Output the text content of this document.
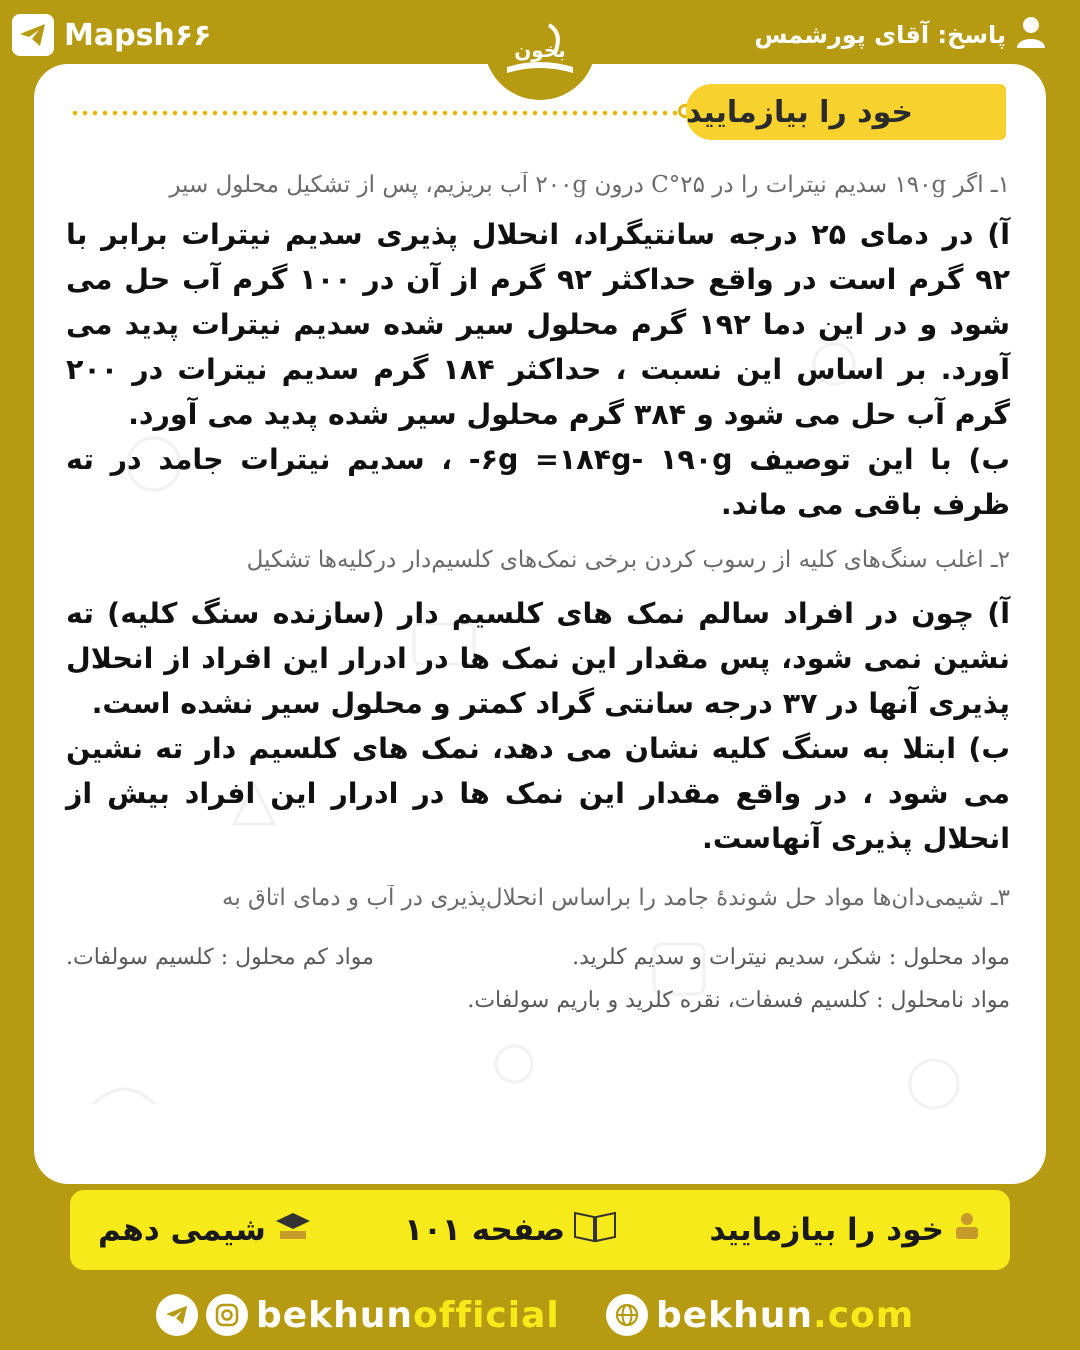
Mapsh۶۶	پاسخ: آقای پورشمس
بخون
خود را بیازمایید
۱ـ اگر ۱۹۰g سدیم نیترات را در ۲۵°C درون ۲۰۰g آب بریزیم، پس از تشکیل محلول سیر
آ) در دمای ۲۵ درجه سانتیگراد، انحلال پذیری سدیم نیترات برابر با ۹۲ گرم است در واقع حداکثر ۹۲ گرم از آن در ۱۰۰ گرم آب حل می شود و در این دما ۱۹۲ گرم محلول سیر شده سدیم نیترات پدید می آورد. بر اساس این نسبت ، حداکثر ۱۸۴ گرم سدیم نیترات در ۲۰۰ گرم آب حل می شود و ۳۸۴ گرم محلول سیر شده پدید می آورد.
ب) با این توصیف ۶g =۱۸۴g- ۱۹۰g- ، سدیم نیترات جامد در ته ظرف باقی می ماند.
۲ـ اغلب سنگ‌های کلیه از رسوب کردن برخی نمک‌های کلسیم‌دار درکلیه‌ها تشکیل
آ) چون در افراد سالم نمک های کلسیم دار (سازنده سنگ کلیه) ته نشین نمی شود، پس مقدار این نمک ها در ادرار این افراد از انحلال پذیری آنها در ۳۷ درجه سانتی گراد کمتر و محلول سیر نشده است.
ب) ابتلا به سنگ کلیه نشان می دهد، نمک های کلسیم دار ته نشین می شود ، در واقع مقدار این نمک ها در ادرار این افراد بیش از انحلال پذیری آنهاست.
۳ـ شیمی‌دان‌ها مواد حل شوندهٔ جامد را براساس انحلال‌پذیری در آب و دمای اتاق به
مواد محلول : شکر، سدیم نیترات و سدیم کلرید.
مواد کم محلول : کلسیم سولفات.
مواد نامحلول : کلسیم فسفات، نقره کلرید و باریم سولفات.
خود را بیازمایید
صفحه ۱۰۱
شیمی دهم
bekhunofficial	bekhun.com
